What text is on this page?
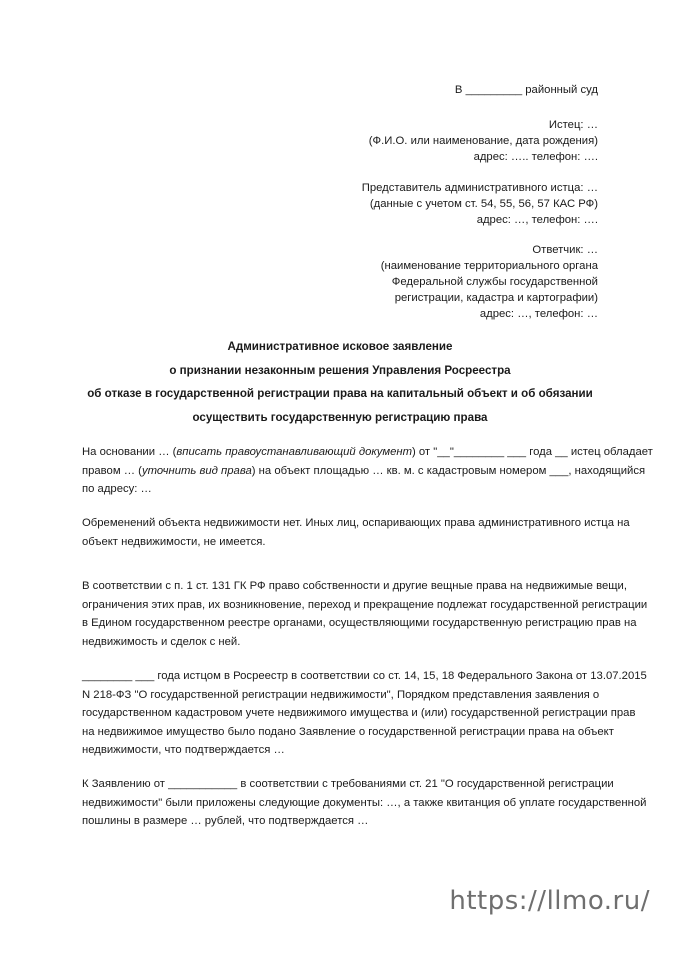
В _________ районный суд
Истец: …
(Ф.И.О. или наименование, дата рождения)
адрес: ….. телефон: ….
Представитель административного истца: …
(данные с учетом ст. 54, 55, 56, 57 КАС РФ)
адрес: …, телефон: ….
Ответчик: …
(наименование территориального органа
Федеральной службы государственной
регистрации, кадастра и картографии)
адрес: …, телефон: …
Административное исковое заявление
о признании незаконным решения Управления Росреестра
об отказе в государственной регистрации права на капитальный объект и об обязании
осуществить государственную регистрацию права
На основании … (вписать правоустанавливающий документ) от "__"________ ___ года __ истец обладает
правом … (уточнить вид права) на объект площадью … кв. м. с кадастровым номером ___, находящийся
по адресу: …
Обременений объекта недвижимости нет. Иных лиц, оспаривающих права административного истца на
объект недвижимости, не имеется.
В соответствии с п. 1 ст. 131 ГК РФ право собственности и другие вещные права на недвижимые вещи,
ограничения этих прав, их возникновение, переход и прекращение подлежат государственной регистрации
в Едином государственном реестре органами, осуществляющими государственную регистрацию прав на
недвижимость и сделок с ней.
________ ___ года истцом в Росреестр в соответствии со ст. 14, 15, 18 Федерального Закона от 13.07.2015
N 218-ФЗ "О государственной регистрации недвижимости", Порядком представления заявления о
государственном кадастровом учете недвижимого имущества и (или) государственной регистрации прав
на недвижимое имущество было подано Заявление о государственной регистрации права на объект
недвижимости, что подтверждается …
К Заявлению от ___________ в соответствии с требованиями ст. 21 "О государственной регистрации
недвижимости" были приложены следующие документы: …, а также квитанция об уплате государственной
пошлины в размере … рублей, что подтверждается …
https://llmo.ru/
